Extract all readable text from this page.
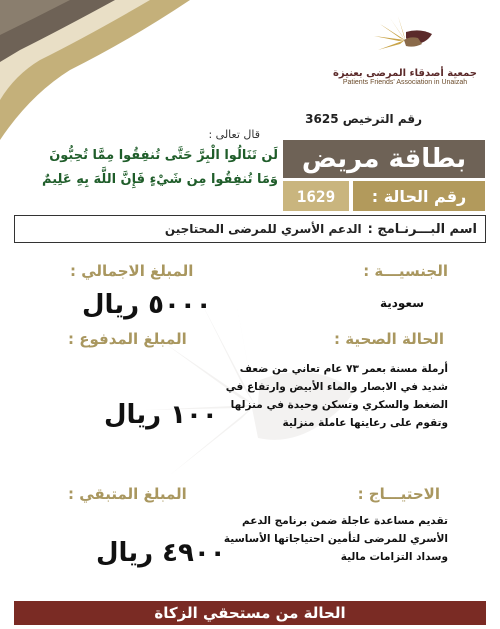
جمعية أصدقاء المرضى بعنيزة
Patients Friends' Association in Unaizah
رقم الترخيص 3625
بطاقة مريض
رقم الحالة :
1629
قال تعالى :
لَن تَنَالُوا الْبِرَّ حَتَّى تُنفِقُوا مِمَّا تُحِبُّونَ
وَمَا تُنفِقُوا مِن شَيْءٍ فَإِنَّ اللَّهَ بِهِ عَلِيمٌ
اسم البـــرنـامج :
الدعم الأسري للمرضى المحتاجين
الجنسيـــة :
سعودية
المبلغ الاجمالي :
٥٠٠٠ ريال
الحالة الصحية :
أرملة مسنة بعمر ٧٣ عام تعاني من ضعف شديد في الابصار والماء الأبيض وارتفاع في الضغط والسكري وتسكن وحيدة في منزلها وتقوم على رعايتها عاملة منزلية
المبلغ المدفوع :
١٠٠ ريال
الاحتيـــاج :
تقديم مساعدة عاجلة ضمن برنامج الدعم الأسري للمرضى لتأمين احتياجاتها الأساسية وسداد التزامات مالية
المبلغ المتبقي :
٤٩٠٠ ريال
الحالة من مستحقي الزكاة
